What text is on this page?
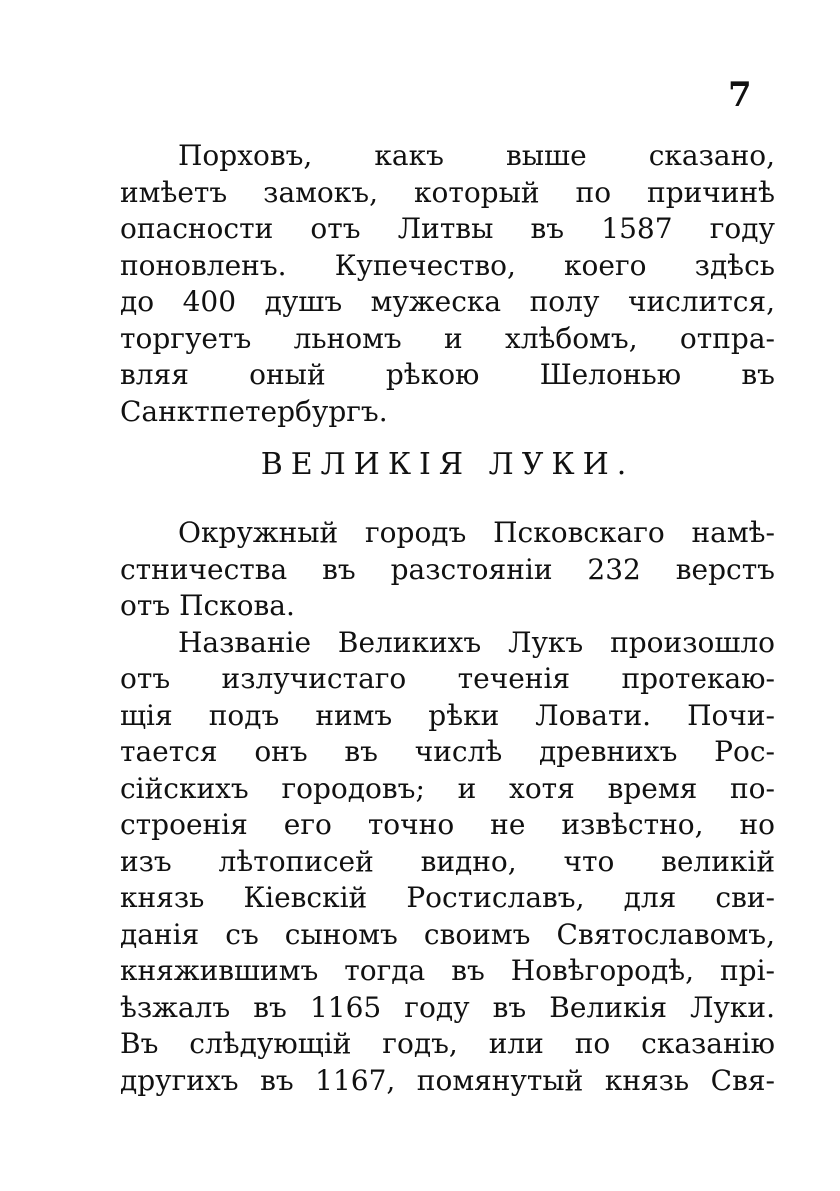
7
Порховъ, какъ выше сказано,
имѣетъ замокъ, который по причинѣ
опасности отъ Литвы въ 1587 году
поновленъ. Купечество, коего здѣсь
до 400 душъ мужеска полу числится,
торгуетъ льномъ и хлѣбомъ, отпра-
вляя оный рѣкою Шелонью въ
Санктпетербургъ.
ВЕЛИКІЯ ЛУКИ.
Окружный городъ Псковскаго намѣ-
стничества въ разстояніи 232 верстъ
отъ Пскова.
Названіе Великихъ Лукъ произошло
отъ излучистаго теченія протекаю-
щія подъ нимъ рѣки Ловати. Почи-
тается онъ въ числѣ древнихъ Рос-
сійскихъ городовъ; и хотя время по-
строенія его точно не извѣстно, но
изъ лѣтописей видно, что великій
князь Кіевскій Ростиславъ, для сви-
данія съ сыномъ своимъ Святославомъ,
княжившимъ тогда въ Новѣгородѣ, прі-
ѣзжалъ въ 1165 году въ Великія Луки.
Въ слѣдующій годъ, или по сказанію
другихъ въ 1167, помянутый князь Свя-
